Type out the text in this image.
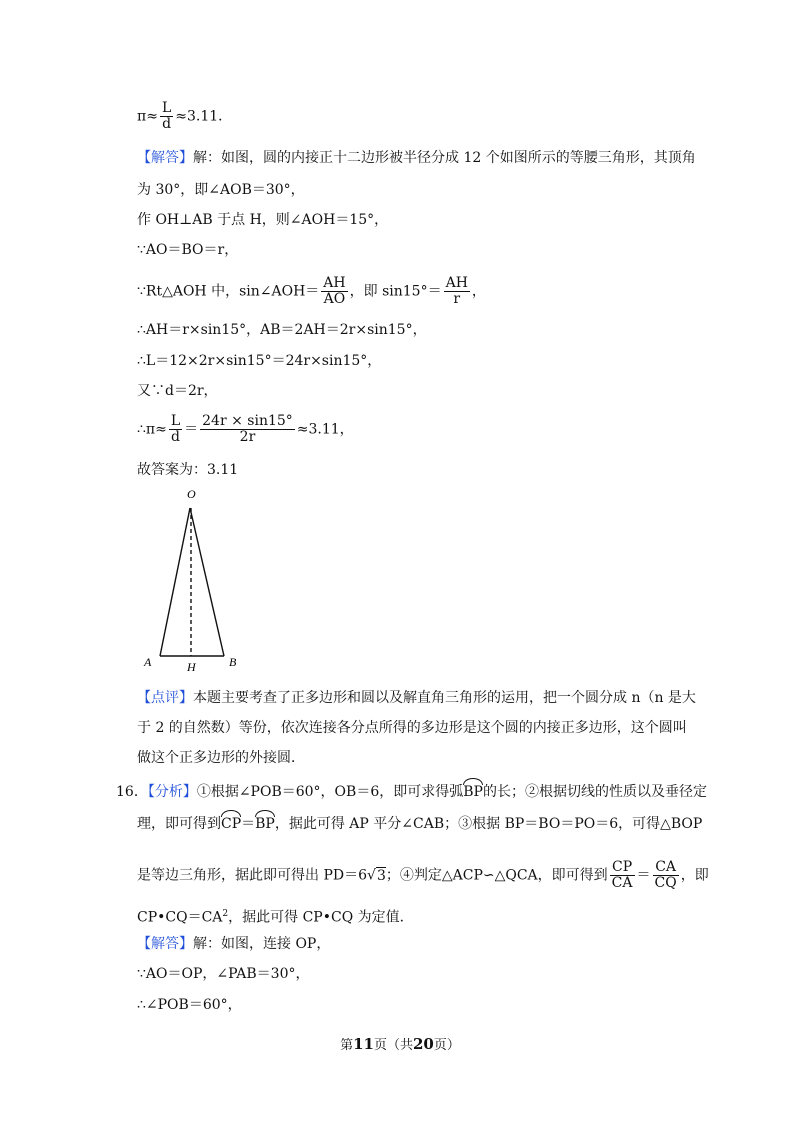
$\pi\approx \frac{L}{d} \approx 3.11$．
【解答】解：如图，圆的内接正十二边形被半径分成 12 个如图所示的等腰三角形，其顶角
为 30°，即∠AOB＝30°，
作 OH⊥AB 于点 H，则∠AOH＝15°，
∵AO＝BO＝r，
∵Rt△AOH 中，sin∠AOH＝ $\frac{AH}{AO}$ ，即 $\sin 15^\circ= \frac{AH}{r}$ ，
∴AH＝r×sin15°，AB＝2AH＝2r×sin15°，
∴L＝12×2r×sin15°＝24r×sin15°，
又∵d＝2r，
∴π≈ $\frac{L}{d} = \frac{24r \times \sin 15^\circ}{2r} \approx 3.11$，
故答案为：3.11
O
A	H	B
【点评】本题主要考查了正多边形和圆以及解直角三角形的运用，把一个圆分成 n（n 是大
于 2 的自然数）等份，依次连接各分点所得的多边形是这个圆的内接正多边形，这个圆叫
做这个正多边形的外接圆．
16．【分析】①根据∠POB＝60°，OB＝6，即可求得弧BP的长；②根据切线的性质以及垂径定
理，即可得到CP＝BP，据此可得 AP 平分∠CAB；③根据 BP＝BO＝PO＝6，可得△BOP
是等边三角形，据此即可得出 PD＝6√3；④判定△ACP∽△QCA，即可得到 $\frac{CP}{CA} = \frac{CA}{CQ}$ ，即
$CP•CQ=CA^2$，据此可得 CP•CQ 为定值．
【解答】解：如图，连接 OP，
∵AO＝OP，∠PAB＝30°，
∴∠POB＝60°，
第11页（共20页）
